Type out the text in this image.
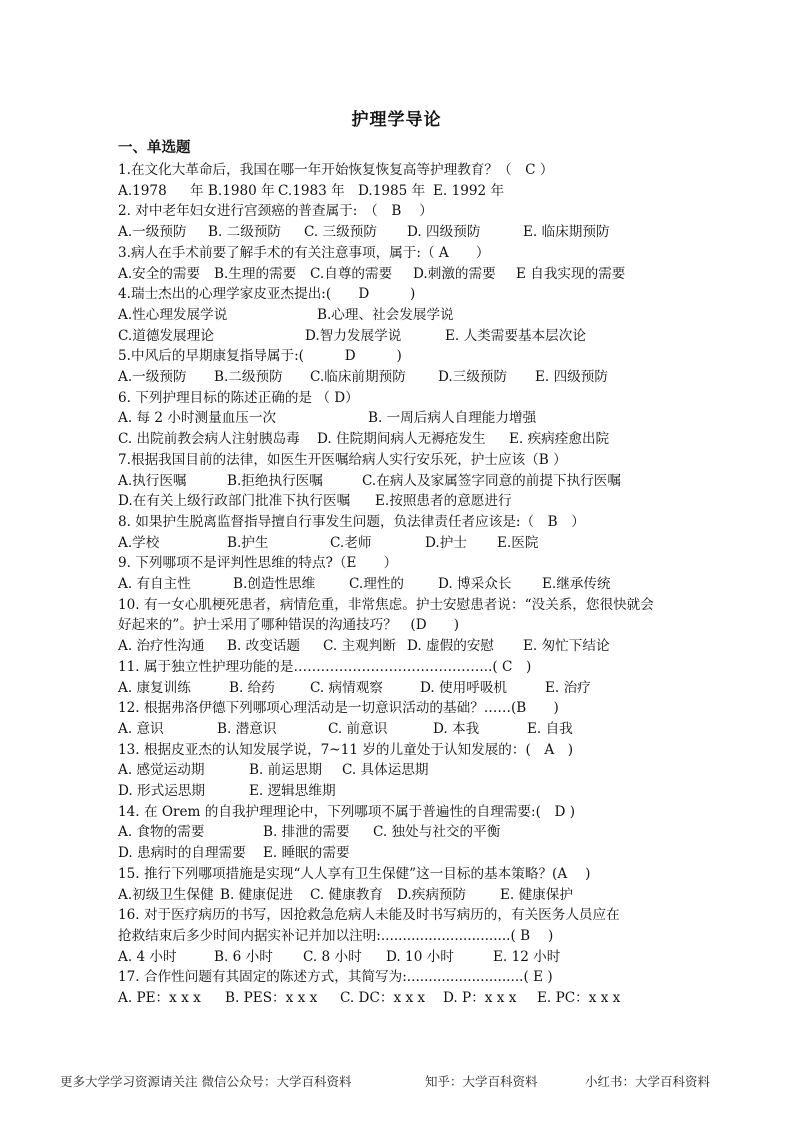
护理学导论
一、单选题
1.在文化大革命后，我国在哪一年开始恢复恢复高等护理教育？（　C ）
A.1978 年 B.1980 年 C.1983 年 D.1985 年 E. 1992 年
2. 对中老年妇女进行宫颈癌的普查属于:　（　B　 ）
A.一级预防 B. 二级预防 C. 三级预防 D. 四级预防	E. 临床期预防
3.病人在手术前要了解手术的有关注意事项，属于:（ A　　）
A.安全的需要 B.生理的需要 C.自尊的需要 D.刺激的需要 E 自我实现的需要
4.瑞士杰出的心理学家皮亚杰提出:(　　D　　　)
A.性心理发展学说	B.心理、社会发展学说
C.道德发展理论	D.智力发展学说	E. 人类需要基本层次论
5.中风后的早期康复指导属于:(　　　D　　　)
A.一级预防 B.二级预防 C.临床前期预防 D.三级预防 E. 四级预防
6. 下列护理目标的陈述正确的是 （ D）
A. 每 2 小时测量血压一次	B. 一周后病人自理能力增强
C. 出院前教会病人注射胰岛毒 D. 住院期间病人无褥疮发生 E. 疾病痊愈出院
7.根据我国目前的法律，如医生开医嘱给病人实行安乐死，护士应该（B ）
A.执行医嘱	B.拒绝执行医嘱	C.在病人及家属签字同意的前提下执行医嘱
D.在有关上级行政部门批准下执行医嘱 E.按照患者的意愿进行
8. 如果护生脱离监督指导擅自行事发生问题，负法律责任者应该是:（　B　）
A.学校	B.护生	C.老师	D.护士 E.医院
9. 下列哪项不是评判性思维的特点?（E　　）
A. 有自主性	B.创造性思维 C.理性的 D. 博采众长 E.继承传统
10. 有一女心肌梗死患者，病情危重，非常焦虑。护士安慰患者说：“没关系，您很快就会
好起来的”。护士采用了哪种错误的沟通技巧？　(D　　)
A. 治疗性沟通 B. 改变话题 C. 主观判断 D. 虚假的安慰 E. 匆忙下结论
11. 属于独立性护理功能的是……………………………………..( C　)
A. 康复训练	B. 给药	C. 病情观察	D. 使用呼吸机	E. 治疗
12. 根据弗洛伊德下列哪项心理活动是一切意识活动的基础？……(B　　)
A. 意识	B. 潜意识	C. 前意识	D. 本我	E. 自我
13. 根据皮亚杰的认知发展学说，7~11 岁的儿童处于认知发展的：(　A　)
A. 感觉运动期	B. 前运思期 C. 具体运思期
D. 形式运思期	E. 逻辑思维期
14. 在 Orem 的自我护理理论中，下列哪项不属于普遍性的自理需要:(　D )
A. 食物的需要	B. 排泄的需要 C. 独处与社交的平衡
D. 患病时的自理需要 E. 睡眠的需要
15. 推行下列哪项措施是实现“人人享有卫生保健”这一目标的基本策略？(A　 )
A.初级卫生保健 B. 健康促进 C. 健康教育 D.疾病预防 E. 健康保护
16. 对于医疗病历的书写，因抢救急危病人未能及时书写病历的，有关医务人员应在
抢救结束后多少时间内据实补记并加以注明:..............................( B　 )
A. 4 小时	B. 6 小时 C. 8 小时 D. 10 小时	E. 12 小时
17. 合作性问题有其固定的陈述方式，其简写为:...........................( E )
A. PE：x x x B. PES：x x x C. DC：x x x D. P：x x x E. PC：x x x
更多大学学习资源请关注 微信公众号：大学百科资料	知乎：大学百科资料	小红书：大学百科资料
